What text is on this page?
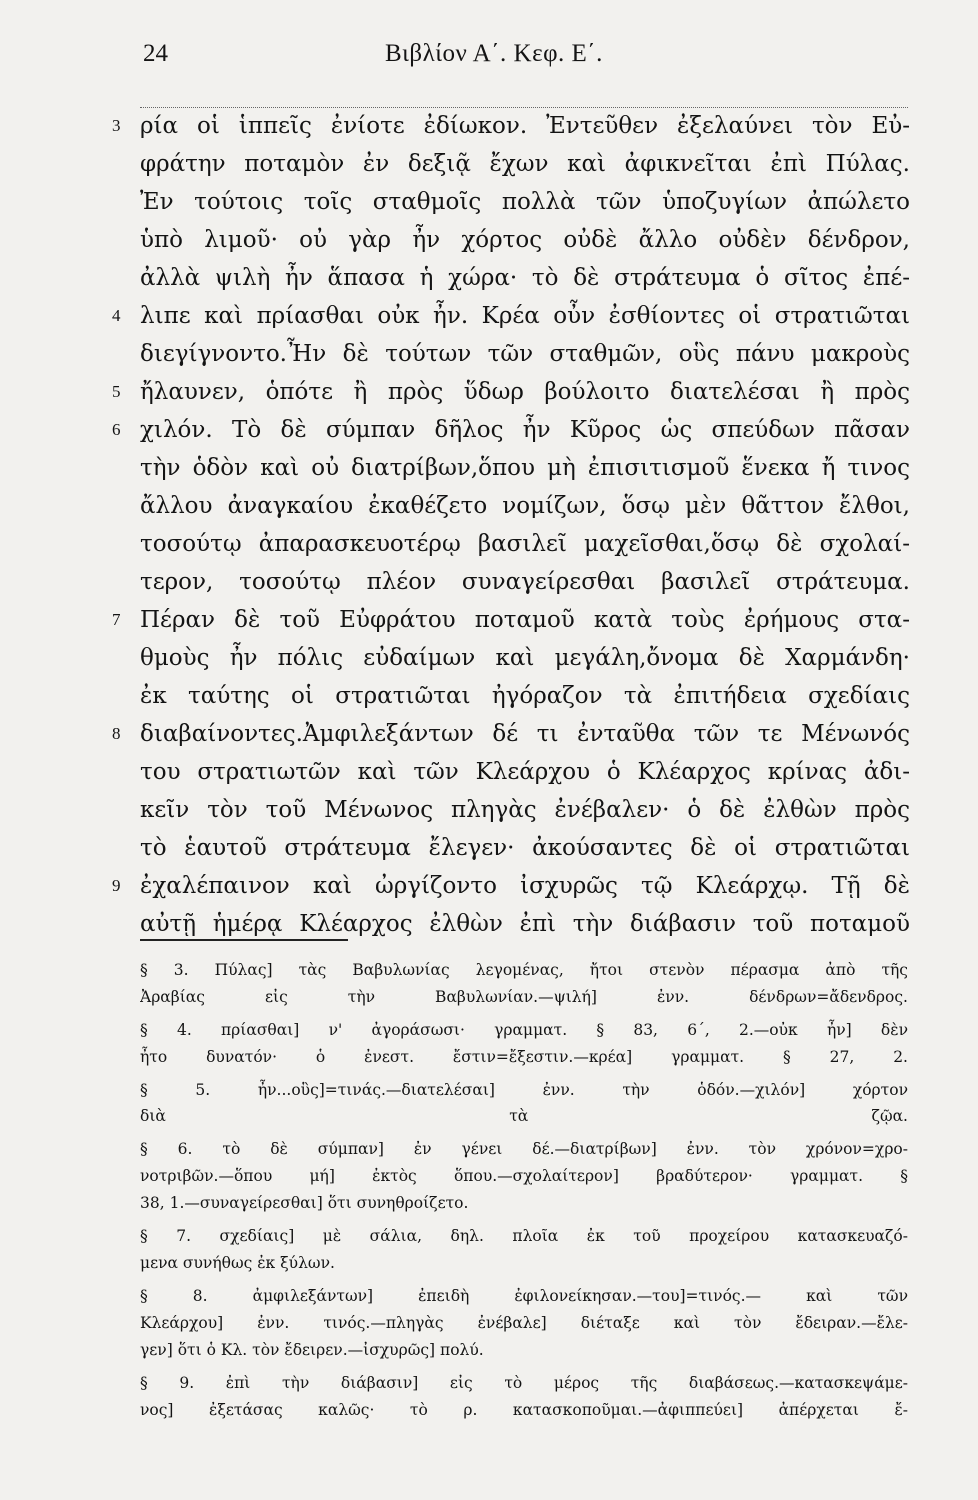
24	Βιβλίον Α΄. Κεφ. Ε΄.
3 ρία οἱ ἱππεῖς ἐνίοτε ἐδίωκον. Ἐντεῦθεν ἐξελαύνει τὸν Εὐ-
φράτην ποταμὸν ἐν δεξιᾷ ἔχων καὶ ἀφικνεῖται ἐπὶ Πύλας.
Ἐν τούτοις τοῖς σταθμοῖς πολλὰ τῶν ὑποζυγίων ἀπώλετο
ὑπὸ λιμοῦ· οὐ γὰρ ἦν χόρτος οὐδὲ ἄλλο οὐδὲν δένδρον,
ἀλλὰ ψιλὴ ἦν ἅπασα ἡ χώρα· τὸ δὲ στράτευμα ὁ σῖτος ἐπέ-
4 λιπε καὶ πρίασθαι οὐκ ἦν. Κρέα οὖν ἐσθίοντες οἱ στρατιῶται
διεγίγνοντο.Ἦν δὲ τούτων τῶν σταθμῶν, οὓς πάνυ μακροὺς
5 ἤλαυνεν, ὁπότε ἢ πρὸς ὕδωρ βούλοιτο διατελέσαι ἢ πρὸς
6 χιλόν. Τὸ δὲ σύμπαν δῆλος ἦν Κῦρος ὡς σπεύδων πᾶσαν
τὴν ὁδὸν καὶ οὐ διατρίβων,ὅπου μὴ ἐπισιτισμοῦ ἕνεκα ἤ τινος
ἄλλου ἀναγκαίου ἐκαθέζετο νομίζων, ὅσῳ μὲν θᾶττον ἔλθοι,
τοσούτῳ ἀπαρασκευοτέρῳ βασιλεῖ μαχεῖσθαι,ὅσῳ δὲ σχολαί-
τερον, τοσούτῳ πλέον συναγείρεσθαι βασιλεῖ στράτευμα.
7 Πέραν δὲ τοῦ Εὐφράτου ποταμοῦ κατὰ τοὺς ἐρήμους στα-
θμοὺς ἦν πόλις εὐδαίμων καὶ μεγάλη,ὄνομα δὲ Χαρμάνδη·
ἐκ ταύτης οἱ στρατιῶται ἠγόραζον τὰ ἐπιτήδεια σχεδίαις
8 διαβαίνοντες.Ἀμφιλεξάντων δέ τι ἐνταῦθα τῶν τε Μένωνός
του στρατιωτῶν καὶ τῶν Κλεάρχου ὁ Κλέαρχος κρίνας ἀδι-
κεῖν τὸν τοῦ Μένωνος πληγὰς ἐνέβαλεν· ὁ δὲ ἐλθὼν πρὸς
τὸ ἑαυτοῦ στράτευμα ἔλεγεν· ἀκούσαντες δὲ οἱ στρατιῶται
9 ἐχαλέπαινον καὶ ὠργίζοντο ἰσχυρῶς τῷ Κλεάρχῳ. Τῇ δὲ
αὐτῇ ἡμέρᾳ Κλέαρχος ἐλθὼν ἐπὶ τὴν διάβασιν τοῦ ποταμοῦ
§ 3. Πύλας] τὰς Βαβυλωνίας λεγομένας, ἤτοι στενὸν πέρασμα ἀπὸ τῆς
Ἀραβίας εἰς τὴν Βαβυλωνίαν.—ψιλή] ἐνν. δένδρων=ἄδενδρος.
§ 4. πρίασθαι] ν' ἀγοράσωσι· γραμματ. § 83, 6΄, 2.—οὐκ ἦν] δὲν
ἦτο δυνατόν· ὁ ἐνεστ. ἔστιν=ἔξεστιν.—κρέα] γραμματ. § 27, 2.
§ 5. ἦν...οὓς]=τινάς.—διατελέσαι] ἐνν. τὴν ὁδόν.—χιλόν] χόρτον
διὰ τὰ ζῷα.
§ 6. τὸ δὲ σύμπαν] ἐν γένει δέ.—διατρίβων] ἐνν. τὸν χρόνον=χρο-
νοτριβῶν.—ὅπου μή] ἐκτὸς ὅπου.—σχολαίτερον] βραδύτερον· γραμματ. §
38, 1.—συναγείρεσθαι] ὅτι συνηθροίζετο.
§ 7. σχεδίαις] μὲ σάλια, δηλ. πλοῖα ἐκ τοῦ προχείρου κατασκευαζό-
μενα συνήθως ἐκ ξύλων.
§ 8. ἀμφιλεξάντων] ἐπειδὴ ἐφιλονείκησαν.—του]=τινός.— καὶ τῶν
Κλεάρχου] ἐνν. τινός.—πληγὰς ἐνέβαλε] διέταξε καὶ τὸν ἔδειραν.—ἔλε-
γεν] ὅτι ὁ Κλ. τὸν ἔδειρεν.—ἰσχυρῶς] πολύ.
§ 9. ἐπὶ τὴν διάβασιν] εἰς τὸ μέρος τῆς διαβάσεως.—κατασκεψάμε-
νος] ἐξετάσας καλῶς· τὸ ρ. κατασκοποῦμαι.—ἀφιππεύει] ἀπέρχεται ἔ-
